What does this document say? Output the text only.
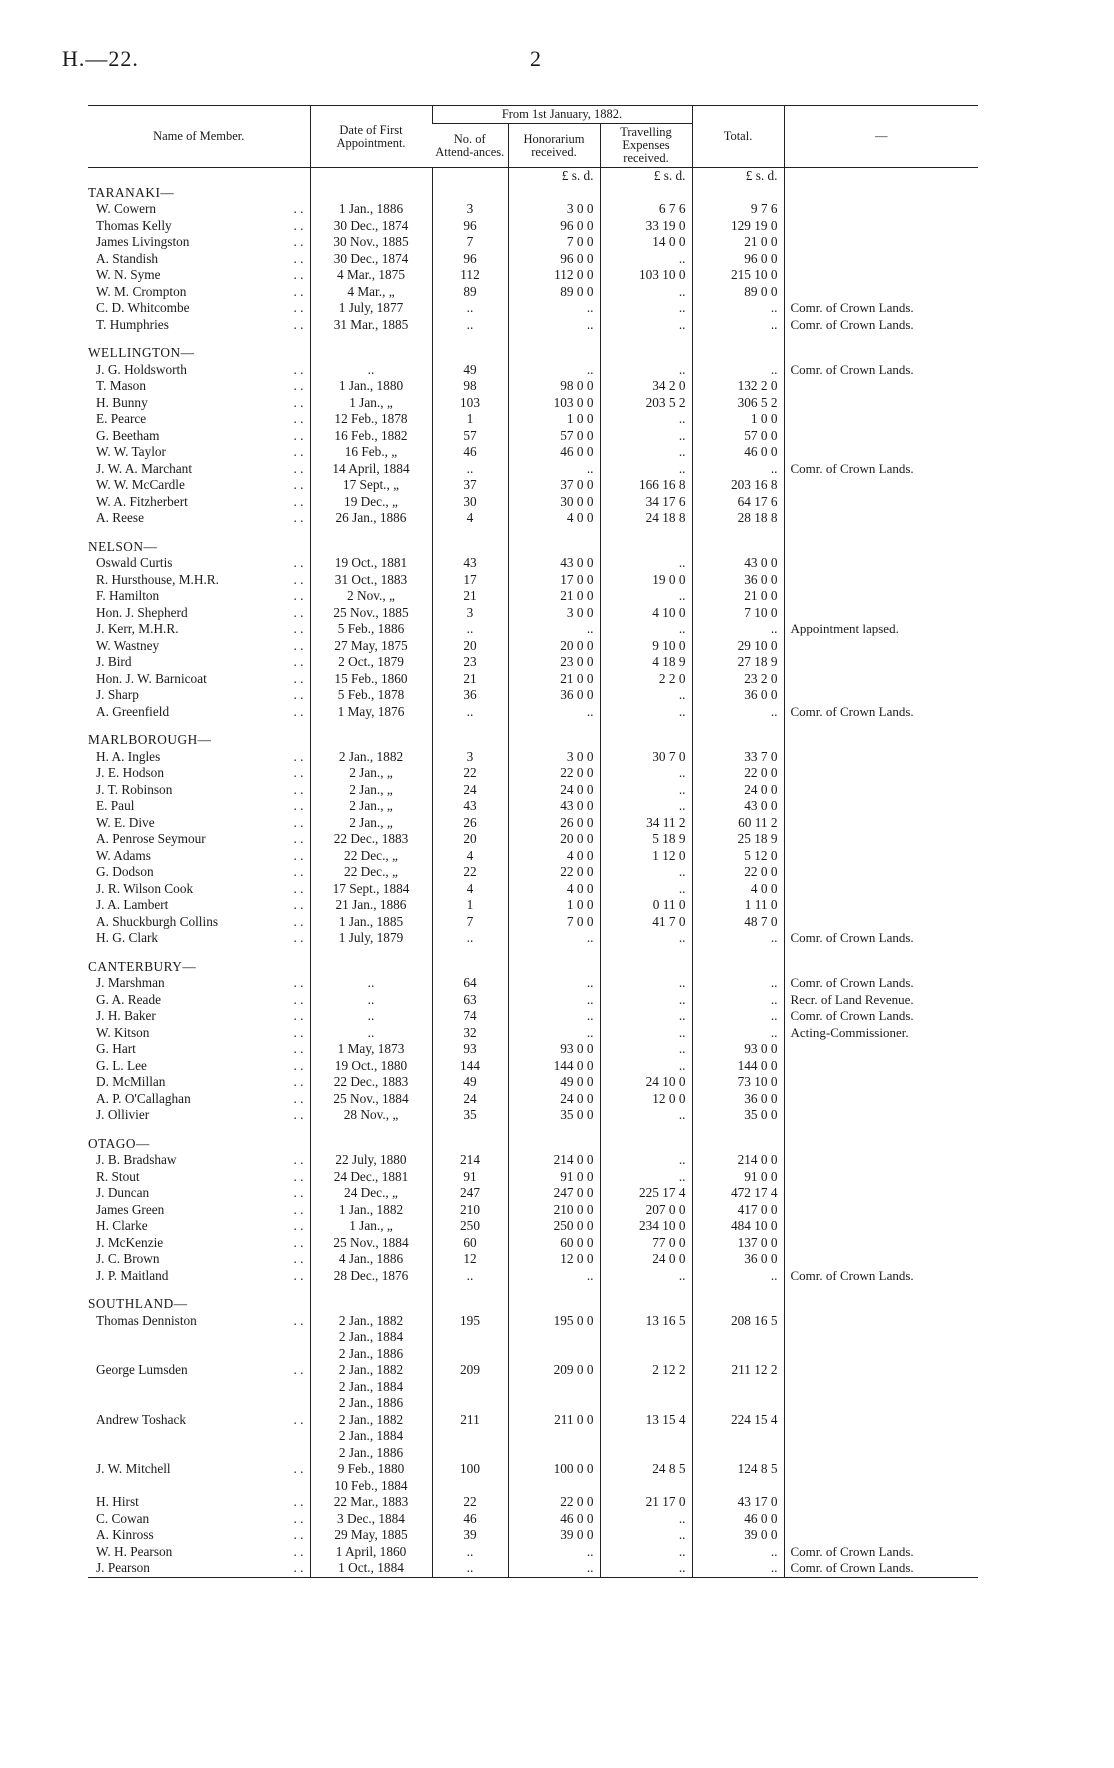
H.—22.	2
Name of Member.	Date of First Appointment.	From 1st January, 1882.			Total.	—
		No. of Attend-ances.	Honorarium received.	Travelling Expenses received.		
			£ s. d.	£ s. d.	£ s. d.	
TARANAKI—						
W. Cowern . .	1 Jan., 1886	3	3 0 0	6 7 6	9 7 6	
Thomas Kelly . .	30 Dec., 1874	96	96 0 0	33 19 0	129 19 0	
James Livingston . .	30 Nov., 1885	7	7 0 0	14 0 0	21 0 0	
A. Standish . .	30 Dec., 1874	96	96 0 0	..	96 0 0	
W. N. Syme . .	4 Mar., 1875	112	112 0 0	103 10 0	215 10 0	
W. M. Crompton . .	4 Mar., „	89	89 0 0	..	89 0 0	
C. D. Whitcombe . .	1 July, 1877	..	..	..	..	Comr. of Crown Lands.
T. Humphries . .	31 Mar., 1885	..	..	..	..	Comr. of Crown Lands.

WELLINGTON—						
J. G. Holdsworth . .	..	49	..	..	..	Comr. of Crown Lands.
T. Mason . .	1 Jan., 1880	98	98 0 0	34 2 0	132 2 0	
H. Bunny . .	1 Jan., „	103	103 0 0	203 5 2	306 5 2	
E. Pearce . .	12 Feb., 1878	1	1 0 0	..	1 0 0	
G. Beetham . .	16 Feb., 1882	57	57 0 0	..	57 0 0	
W. W. Taylor . .	16 Feb., „	46	46 0 0	..	46 0 0	
J. W. A. Marchant . .	14 April, 1884	..	..	..	..	Comr. of Crown Lands.
W. W. McCardle . .	17 Sept., „	37	37 0 0	166 16 8	203 16 8	
W. A. Fitzherbert . .	19 Dec., „	30	30 0 0	34 17 6	64 17 6	
A. Reese . .	26 Jan., 1886	4	4 0 0	24 18 8	28 18 8	

NELSON—						
Oswald Curtis . .	19 Oct., 1881	43	43 0 0	..	43 0 0	
R. Hursthouse, M.H.R. . .	31 Oct., 1883	17	17 0 0	19 0 0	36 0 0	
F. Hamilton . .	2 Nov., „	21	21 0 0	..	21 0 0	
Hon. J. Shepherd . .	25 Nov., 1885	3	3 0 0	4 10 0	7 10 0	
J. Kerr, M.H.R. . .	5 Feb., 1886	..	..	..	..	Appointment lapsed.
W. Wastney . .	27 May, 1875	20	20 0 0	9 10 0	29 10 0	
J. Bird . .	2 Oct., 1879	23	23 0 0	4 18 9	27 18 9	
Hon. J. W. Barnicoat . .	15 Feb., 1860	21	21 0 0	2 2 0	23 2 0	
J. Sharp . .	5 Feb., 1878	36	36 0 0	..	36 0 0	
A. Greenfield . .	1 May, 1876	..	..	..	..	Comr. of Crown Lands.

MARLBOROUGH—						
H. A. Ingles . .	2 Jan., 1882	3	3 0 0	30 7 0	33 7 0	
J. E. Hodson . .	2 Jan., „	22	22 0 0	..	22 0 0	
J. T. Robinson . .	2 Jan., „	24	24 0 0	..	24 0 0	
E. Paul . .	2 Jan., „	43	43 0 0	..	43 0 0	
W. E. Dive . .	2 Jan., „	26	26 0 0	34 11 2	60 11 2	
A. Penrose Seymour . .	22 Dec., 1883	20	20 0 0	5 18 9	25 18 9	
W. Adams . .	22 Dec., „	4	4 0 0	1 12 0	5 12 0	
G. Dodson . .	22 Dec., „	22	22 0 0	..	22 0 0	
J. R. Wilson Cook . .	17 Sept., 1884	4	4 0 0	..	4 0 0	
J. A. Lambert . .	21 Jan., 1886	1	1 0 0	0 11 0	1 11 0	
A. Shuckburgh Collins . .	1 Jan., 1885	7	7 0 0	41 7 0	48 7 0	
H. G. Clark . .	1 July, 1879	..	..	..	..	Comr. of Crown Lands.

CANTERBURY—						
J. Marshman . .	..	64	..	..	..	Comr. of Crown Lands.
G. A. Reade . .	..	63	..	..	..	Recr. of Land Revenue.
J. H. Baker . .	..	74	..	..	..	Comr. of Crown Lands.
W. Kitson . .	..	32	..	..	..	Acting-Commissioner.
G. Hart . .	1 May, 1873	93	93 0 0	..	93 0 0	
G. L. Lee . .	19 Oct., 1880	144	144 0 0	..	144 0 0	
D. McMillan . .	22 Dec., 1883	49	49 0 0	24 10 0	73 10 0	
A. P. O'Callaghan . .	25 Nov., 1884	24	24 0 0	12 0 0	36 0 0	
J. Ollivier . .	28 Nov., „	35	35 0 0	..	35 0 0	

OTAGO—						
J. B. Bradshaw . .	22 July, 1880	214	214 0 0	..	214 0 0	
R. Stout . .	24 Dec., 1881	91	91 0 0	..	91 0 0	
J. Duncan . .	24 Dec., „	247	247 0 0	225 17 4	472 17 4	
James Green . .	1 Jan., 1882	210	210 0 0	207 0 0	417 0 0	
H. Clarke . .	1 Jan., „	250	250 0 0	234 10 0	484 10 0	
J. McKenzie . .	25 Nov., 1884	60	60 0 0	77 0 0	137 0 0	
J. C. Brown . .	4 Jan., 1886	12	12 0 0	24 0 0	36 0 0	
J. P. Maitland . .	28 Dec., 1876	..	..	..	..	Comr. of Crown Lands.

SOUTHLAND—						
Thomas Denniston . .	2 Jan., 1882	195	195 0 0	13 16 5	208 16 5	
	2 Jan., 1884					
	2 Jan., 1886					
George Lumsden . .	2 Jan., 1882	209	209 0 0	2 12 2	211 12 2	
	2 Jan., 1884					
	2 Jan., 1886					
Andrew Toshack . .	2 Jan., 1882	211	211 0 0	13 15 4	224 15 4	
	2 Jan., 1884					
	2 Jan., 1886					
J. W. Mitchell . .	9 Feb., 1880	100	100 0 0	24 8 5	124 8 5	
	10 Feb., 1884					
H. Hirst . .	22 Mar., 1883	22	22 0 0	21 17 0	43 17 0	
C. Cowan . .	3 Dec., 1884	46	46 0 0	..	46 0 0	
A. Kinross . .	29 May, 1885	39	39 0 0	..	39 0 0	
W. H. Pearson . .	1 April, 1860	..	..	..	..	Comr. of Crown Lands.
J. Pearson . .	1 Oct., 1884	..	..	..	..	Comr. of Crown Lands.
